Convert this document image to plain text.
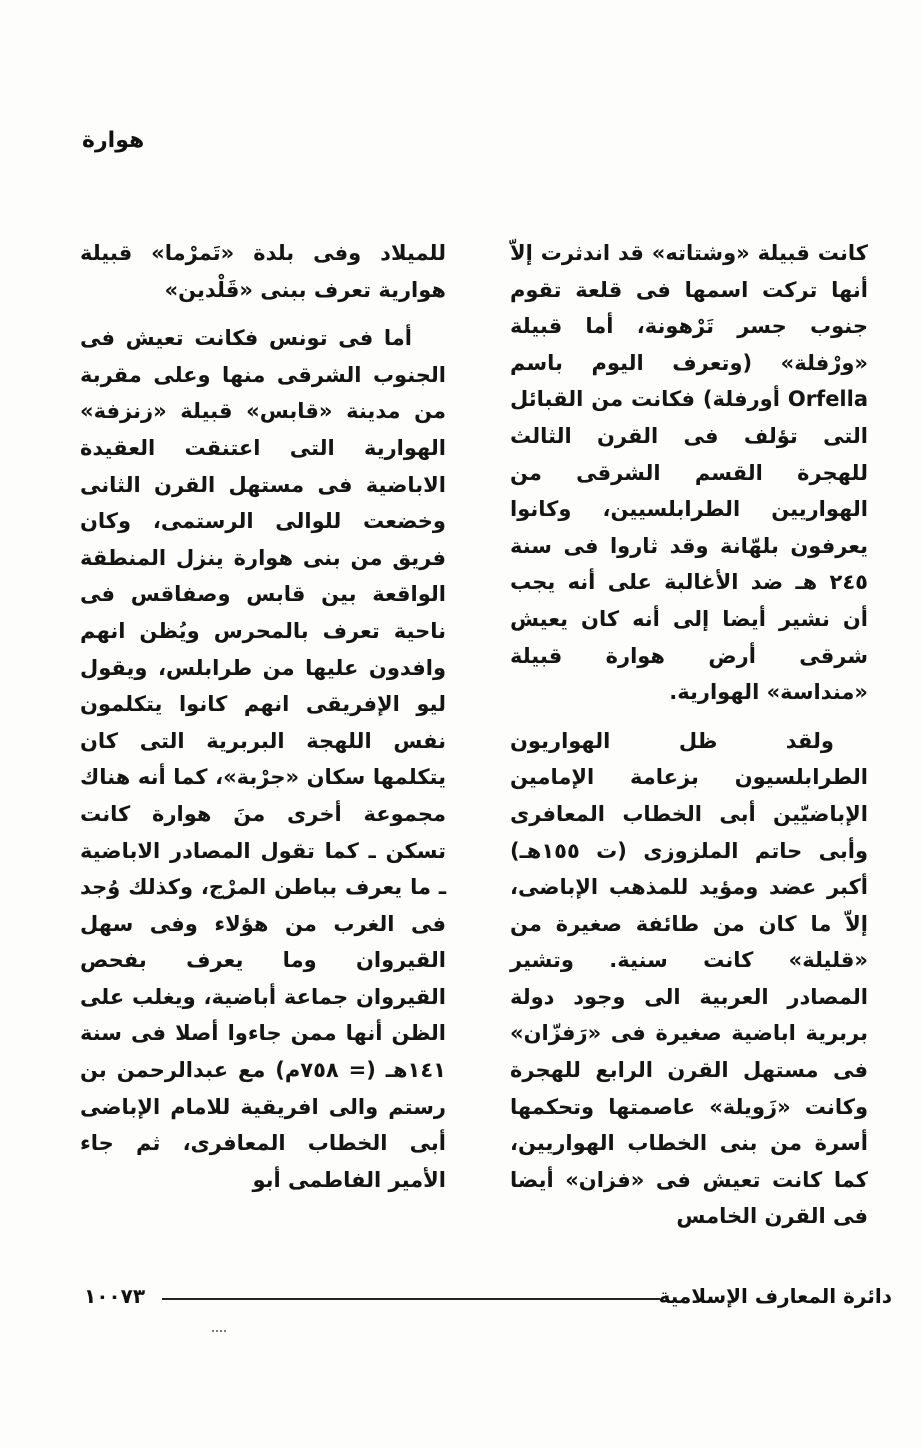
هوارة

كانت قبيلة «وشتاته» قد اندثرت إلاّ أنها تركت اسمها فى قلعة تقوم جنوب جسر تَرْهونة، أما قبيلة «ورْفلة» (وتعرف اليوم باسم Orfella أورفلة) فكانت من القبائل التى تؤلف فى القرن الثالث للهجرة القسم الشرقى من الهواريين الطرابلسيين، وكانوا يعرفون بلهّانة وقد ثاروا فى سنة ٢٤٥ هـ ضد الأغالبة على أنه يجب أن نشير أيضا إلى أنه كان يعيش شرقى أرض هوارة قبيلة «منداسة» الهوارية.

ولقد ظل الهواريون الطرابلسيون بزعامة الإمامين الإباضيّين أبى الخطاب المعافرى وأبى حاتم الملزوزى (ت ١٥٥هـ) أكبر عضد ومؤيد للمذهب الإباضى، إلاّ ما كان من طائفة صغيرة من «قليلة» كانت سنية. وتشير المصادر العربية الى وجود دولة بربرية اباضية صغيرة فى «رَفزّان» فى مستهل القرن الرابع للهجرة وكانت «زَويلة» عاصمتها وتحكمها أسرة من بنى الخطاب الهواريين، كما كانت تعيش فى «فزان» أيضا فى القرن الخامس

للميلاد وفى بلدة «تَمرْما» قبيلة هوارية تعرف ببنى «قَلْدين»

أما فى تونس فكانت تعيش فى الجنوب الشرقى منها وعلى مقربة من مدينة «قابس» قبيلة «زنزفة» الهوارية التى اعتنقت العقيدة الاباضية فى مستهل القرن الثانى وخضعت للوالى الرستمى، وكان فريق من بنى هوارة ينزل المنطقة الواقعة بين قابس وصفاقس فى ناحية تعرف بالمحرس ويُظن انهم وافدون عليها من طرابلس، ويقول ليو الإفريقى انهم كانوا يتكلمون نفس اللهجة البربرية التى كان يتكلمها سكان «جرْبة»، كما أنه هناك مجموعة أخرى منَ هوارة كانت تسكن ـ كما تقول المصادر الاباضية ـ ما يعرف بباطن المرْج، وكذلك وُجد فى الغرب من هؤلاء وفى سهل القيروان وما يعرف بفحص القيروان جماعة أباضية، ويغلب على الظن أنها ممن جاءوا أصلا فى سنة ١٤١هـ (= ٧٥٨م) مع عبدالرحمن بن رستم والى افريقية للامام الإباضى أبى الخطاب المعافرى، ثم جاء الأمير الفاطمى أبو

دائرة المعارف الإسلامية
١٠٠٧٣
